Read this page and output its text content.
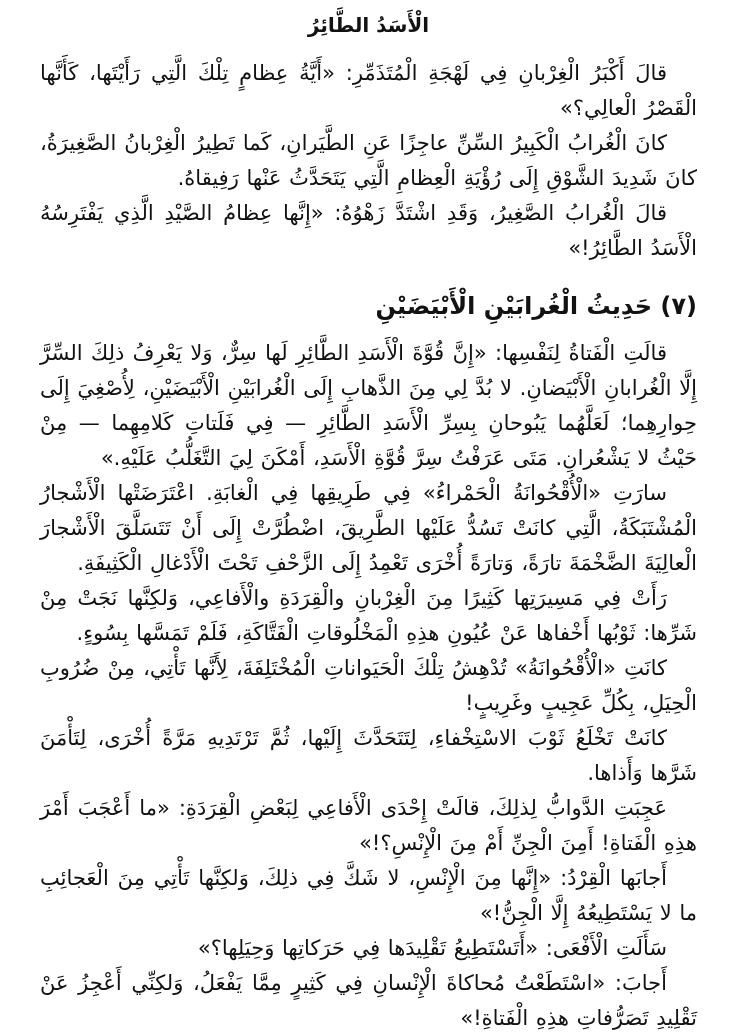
الْأَسَدُ الطَّائِرُ

قالَ أَكْبَرُ الْغِرْبانِ فِي لَهْجَةِ الْمُتَذَمِّرِ: «أَيَّةُ عِظامٍ تِلْكَ الَّتِي رَأَيْتَها، كَأَنَّها الْقَصْرُ الْعالِي؟»

كانَ الْغُرابُ الْكَبِيرُ السِّنِّ عاجِزًا عَنِ الطَّيَرانِ، كَما تَطِيرُ الْغِرْبانُ الصَّغِيرَةُ، كانَ شَدِيدَ الشَّوْقِ إِلَى رُؤْيَةِ الْعِظامِ الَّتِي يَتَحَدَّثُ عَنْها رَفِيقاهُ.

قالَ الْغُرابُ الصَّغِيرُ، وَقَدِ اشْتَدَّ زَهْوُهُ: «إِنَّها عِظامُ الصَّيْدِ الَّذِي يَفْتَرِسُهُ الْأَسَدُ الطَّائِرُ!»

(٧) حَدِيثُ الْغُرابَيْنِ الْأَبْيَضَيْنِ

قالَتِ الْفَتاةُ لِنَفْسِها: «إِنَّ قُوَّةَ الْأَسَدِ الطَّائِرِ لَها سِرٌّ، وَلا يَعْرِفُ ذلِكَ السِّرَّ إِلَّا الْغُرابانِ الْأَبْيَضانِ. لا بُدَّ لِي مِنَ الذَّهابِ إِلَى الْغُرابَيْنِ الْأَبْيَضَيْنِ، لِأُصْغِيَ إِلَى حِوارِهِما؛ لَعَلَّهُما يَبُوحانِ بِسِرِّ الْأَسَدِ الطَّائِرِ — فِي فَلَتاتِ كَلامِهِما — مِنْ حَيْثُ لا يَشْعُرانِ. مَتَى عَرَفْتُ سِرَّ قُوَّةِ الْأَسَدِ، أَمْكَنَ لِيَ التَّغَلُّبُ عَلَيْهِ.»

سارَتِ «الْأُقْحُوانَةُ الْحَمْراءُ» فِي طَرِيقِها فِي الْغابَةِ. اعْتَرَضَتْها الْأَشْجارُ الْمُشْتَبَكَةُ، الَّتِي كانَتْ تَسُدُّ عَلَيْها الطَّرِيقَ، اضْطُرَّتْ إِلَى أَنْ تَتَسَلَّقَ الْأَشْجارَ الْعالِيَةَ الضَّخْمَةَ تارَةً، وَتارَةً أُخْرَى تَعْمِدُ إِلَى الزَّحْفِ تَحْتَ الْأَدْغالِ الْكَثِيفَةِ.

رَأَتْ فِي مَسِيرَتِها كَثِيرًا مِنَ الْغِرْبانِ والْقِرَدَةِ والْأَفاعِي، وَلكِنَّها نَجَتْ مِنْ شَرِّها: ثَوْبُها أَخْفاها عَنْ عُيُونِ هذِهِ الْمَخْلُوقاتِ الْفَتَّاكَةِ، فَلَمْ تَمَسَّها بِسُوءٍ.

كانَتِ «الْأُقْحُوانَةُ» تُدْهِشُ تِلْكَ الْحَيَواناتِ الْمُخْتَلِفَةَ، لِأَنَّها تَأْتِي، مِنْ ضُرُوبِ الْحِيَلِ، بِكُلِّ عَجِيبٍ وغَرِيبٍ!

كانَتْ تَخْلَعُ ثَوْبَ الاسْتِخْفاءِ، لِتَتَحَدَّثَ إِلَيْها، ثُمَّ تَرْتَدِيهِ مَرَّةً أُخْرَى، لِتَأْمَنَ شَرَّها وَأَذاها.

عَجِبَتِ الدَّوابُّ لِذلِكَ، قالَتْ إِحْدَى الْأَفاعِي لِبَعْضِ الْقِرَدَةِ: «ما أَعْجَبَ أَمْرَ هذِهِ الْفَتاةِ! أَمِنَ الْجِنِّ أَمْ مِنَ الْإِنْسِ؟!»

أَجابَها الْقِرْدُ: «إِنَّها مِنَ الْإِنْسِ، لا شَكَّ فِي ذلِكَ، وَلكِنَّها تَأْتِي مِنَ الْعَجائِبِ ما لا يَسْتَطِيعُهُ إِلَّا الْجِنُّ!»

سَأَلَتِ الْأَفْعَى: «أَتَسْتَطِيعُ تَقْلِيدَها فِي حَرَكاتِها وَحِيَلِها؟»

أَجابَ: «اسْتَطَعْتُ مُحاكاةَ الْإِنْسانِ فِي كَثِيرٍ مِمَّا يَفْعَلُ، وَلكِنِّي أَعْجِزُ عَنْ تَقْلِيدِ تَصَرُّفاتِ هذِهِ الْفَتاةِ!»
